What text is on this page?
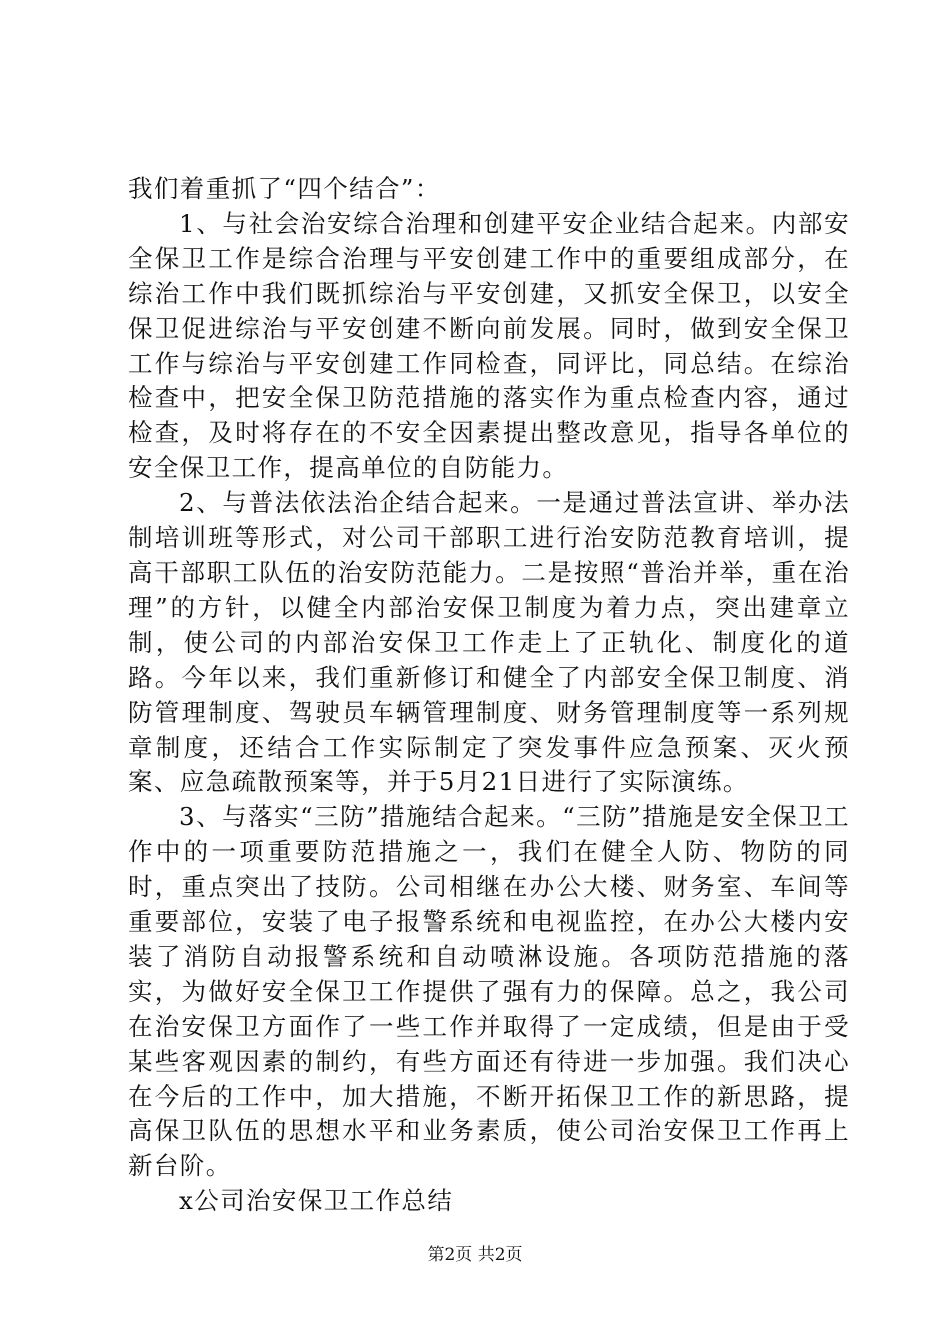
我们着重抓了“四个结合”：

1、与社会治安综合治理和创建平安企业结合起来。内部安全保卫工作是综合治理与平安创建工作中的重要组成部分，在综治工作中我们既抓综治与平安创建，又抓安全保卫，以安全保卫促进综治与平安创建不断向前发展。同时，做到安全保卫工作与综治与平安创建工作同检查，同评比，同总结。在综治检查中，把安全保卫防范措施的落实作为重点检查内容，通过检查，及时将存在的不安全因素提出整改意见，指导各单位的安全保卫工作，提高单位的自防能力。

2、与普法依法治企结合起来。一是通过普法宣讲、举办法制培训班等形式，对公司干部职工进行治安防范教育培训，提高干部职工队伍的治安防范能力。二是按照“普治并举，重在治理”的方针，以健全内部治安保卫制度为着力点，突出建章立制，使公司的内部治安保卫工作走上了正轨化、制度化的道路。今年以来，我们重新修订和健全了内部安全保卫制度、消防管理制度、驾驶员车辆管理制度、财务管理制度等一系列规章制度，还结合工作实际制定了突发事件应急预案、灭火预案、应急疏散预案等，并于5月21日进行了实际演练。

3、与落实“三防”措施结合起来。“三防”措施是安全保卫工作中的一项重要防范措施之一，我们在健全人防、物防的同时，重点突出了技防。公司相继在办公大楼、财务室、车间等重要部位，安装了电子报警系统和电视监控，在办公大楼内安装了消防自动报警系统和自动喷淋设施。各项防范措施的落实，为做好安全保卫工作提供了强有力的保障。总之，我公司在治安保卫方面作了一些工作并取得了一定成绩，但是由于受某些客观因素的制约，有些方面还有待进一步加强。我们决心在今后的工作中，加大措施，不断开拓保卫工作的新思路，提高保卫队伍的思想水平和业务素质，使公司治安保卫工作再上新台阶。

x公司治安保卫工作总结

第2页 共2页
